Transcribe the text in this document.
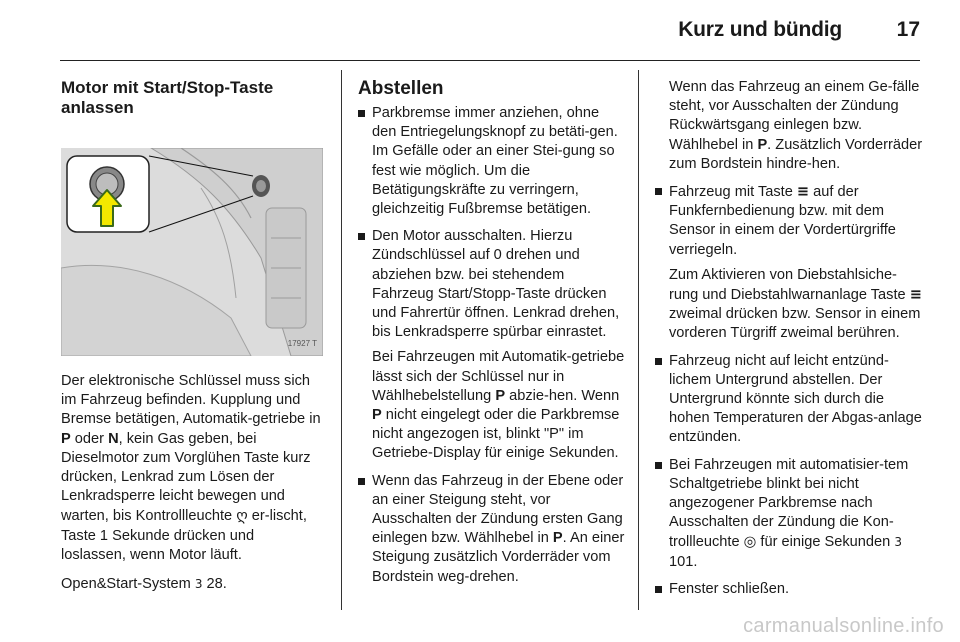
Kurz und bündig	17
Motor mit Start/Stop-Taste anlassen
17927 T

Der elektronische Schlüssel muss sich im Fahrzeug befinden. Kupplung und Bremse betätigen, Automatik-getriebe in P oder N, kein Gas geben, bei Dieselmotor zum Vorglühen Taste kurz drücken, Lenkrad zum Lösen der Lenkradsperre leicht bewegen und warten, bis Kontrollleuchte ღ er-lischt, Taste 1 Sekunde drücken und loslassen, wenn Motor läuft.

Open&Start-System 3 28.

Abstellen
Parkbremse immer anziehen, ohne den Entriegelungsknopf zu betäti-gen. Im Gefälle oder an einer Stei-gung so fest wie möglich. Um die Betätigungskräfte zu verringern, gleichzeitig Fußbremse betätigen.
Den Motor ausschalten. Hierzu Zündschlüssel auf 0 drehen und abziehen bzw. bei stehendem Fahrzeug Start/Stopp-Taste drücken und Fahrertür öffnen. Lenkrad drehen, bis Lenkradsperre spürbar einrastet.

Bei Fahrzeugen mit Automatik-getriebe lässt sich der Schlüssel nur in Wählhebelstellung P abzie-hen. Wenn P nicht eingelegt oder die Parkbremse nicht angezogen ist, blinkt "P" im Getriebe-Display für einige Sekunden.

Wenn das Fahrzeug in der Ebene oder an einer Steigung steht, vor Ausschalten der Zündung ersten Gang einlegen bzw. Wählhebel in P. An einer Steigung zusätzlich Vorderräder vom Bordstein weg-drehen.

Wenn das Fahrzeug an einem Ge-fälle steht, vor Ausschalten der Zündung Rückwärtsgang einlegen bzw. Wählhebel in P. Zusätzlich Vorderräder zum Bordstein hindre-hen.

Fahrzeug mit Taste ≡ auf der Funkfernbedienung bzw. mit dem Sensor in einem der Vordertürgriffe verriegeln.

Zum Aktivieren von Diebstahlsiche-rung und Diebstahlwarnanlage Taste ≡ zweimal drücken bzw. Sensor in einem vorderen Türgriff zweimal berühren.

Fahrzeug nicht auf leicht entzünd-lichem Untergrund abstellen. Der Untergrund könnte sich durch die hohen Temperaturen der Abgas-anlage entzünden.
Bei Fahrzeugen mit automatisier-tem Schaltgetriebe blinkt bei nicht angezogener Parkbremse nach Ausschalten der Zündung die Kon-trollleuchte ◎ für einige Sekunden 3 101.
Fenster schließen.
carmanualsonline.info
